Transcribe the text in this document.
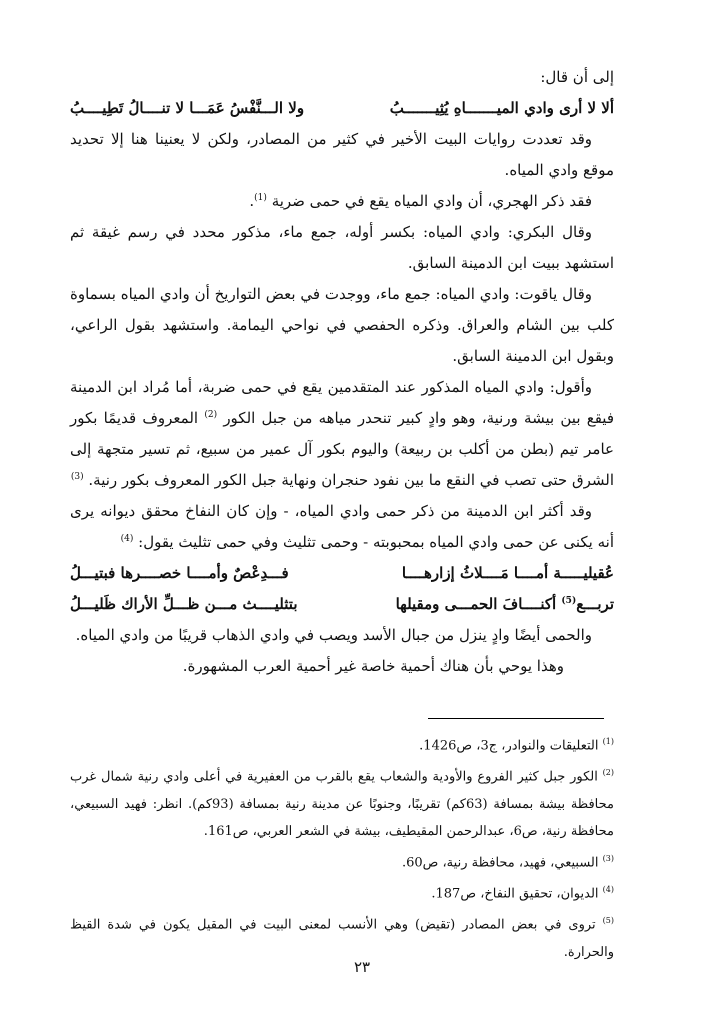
إلى أن قال:

ألا لا أرى وادي الميـــــــاهِ يُثِيـــــــبُ
ولا الـــنَّفْسُ عَمَـــا لا تنــــالُ تَطِيــــبُ

وقد تعددت روايات البيت الأخير في كثير من المصادر، ولكن لا يعنينا هنا إلا تحديد موقع وادي المياه.

فقد ذكر الهجري، أن وادي المياه يقع في حمى ضرية $^{(1)}$.

وقال البكري: وادي المياه: بكسر أوله، جمع ماء، مذكور محدد في رسم غيقة ثم استشهد ببيت ابن الدمينة السابق.

وقال ياقوت: وادي المياه: جمع ماء، ووجدت في بعض التواريخ أن وادي المياه بسماوة كلب بين الشام والعراق. وذكره الحفصي في نواحي اليمامة. واستشهد بقول الراعي، وبقول ابن الدمينة السابق.

وأقول: وادي المياه المذكور عند المتقدمين يقع في حمى ضربة، أما مُراد ابن الدمينة فيقع بين بيشة ورنية، وهو وادٍ كبير تنحدر مياهه من جبل الكور $^{(2)}$ المعروف قديمًا بكور عامر تيم (بطن من أكلب بن ربيعة) واليوم بكور آل عمير من سبيع، ثم تسير متجهة إلى الشرق حتى تصب في النقع ما بين نفود حنجران ونهاية جبل الكور المعروف بكور رنية. $^{(3)}$

وقد أكثر ابن الدمينة من ذكر حمى وادي المياه، - وإن كان النفاخ محقق ديوانه يرى أنه يكنى عن حمى وادي المياه بمحبوبته - وحمى تثليث وفي حمى تثليث يقول: $^{(4)}$

عُقيليـــــة أمــــا مَــــلاثُ إزارهــــا
فـــدِعْصٌ وأمــــا خصــــرها فبتيـــلُ
تربـــع$^{(5)}$ أكنــــافَ الحمـــى ومقيلها
بتثليــــث مـــن ظـــلِّ الأراك ظَليـــلُ

والحمى أيضًا وادٍ ينزل من جبال الأسد ويصب في وادي الذهاب قريبًا من وادي المياه.

وهذا يوحي بأن هناك أحمية خاصة غير أحمية العرب المشهورة.

$^{(1)}$ التعليقات والنوادر، ج3، ص1426.

$^{(2)}$ الكور جبل كثير الفروع والأودية والشعاب يقع بالقرب من العفيرية في أعلى وادي رنية شمال غرب محافظة بيشة بمسافة (63كم) تقريبًا، وجنوبًا عن مدينة رنية بمسافة (93كم). انظر: فهيد السبيعي، محافظة رنية، ص6، عبدالرحمن المقيطيف، بيشة في الشعر العربي، ص161.

$^{(3)}$ السبيعي، فهيد، محافظة رنية، ص60.

$^{(4)}$ الديوان، تحقيق النفاخ، ص187.

$^{(5)}$ تروى في بعض المصادر (تقيض) وهي الأنسب لمعنى البيت في المقيل يكون في شدة القيظ والحرارة.

٢٣
